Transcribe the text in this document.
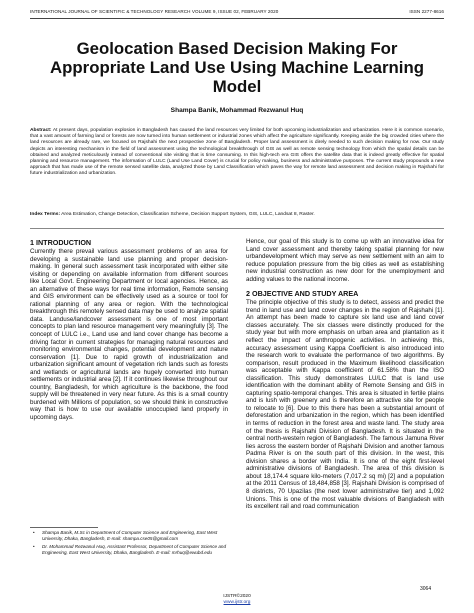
INTERNATIONAL JOURNAL OF SCIENTIFIC & TECHNOLOGY RESEARCH VOLUME 9, ISSUE 02, FEBRUARY 2020	ISSN 2277-8616
Geolocation Based Decision Making For Appropriate Land Use Using Machine Learning Model
Shampa Banik, Mohammad Rezwanul Huq
Abstract: At present days, population explosion in Bangladesh has caused the land resources very limited for both upcoming industrialization and urbanization. Here it is common scenario, that a vast amount of farming land or forests are now turned into human settlement or industrial zones which affect the agriculture significantly. Keeping aside the big crowded cities where the land resources are already rare, we focused on Rajshahi the next prospective zone of Bangladesh. Proper land assessment is direly needed to such decision making for now. Our study depicts an interesting mechanism in the field of land assessment using the technological breakthrough of GIS as well as remote sensing technology from which the spatial details can be obtained and analyzed meticulously instead of conventional site visiting that is time consuming. In this high-tech era GIS offers the satellite data that is indeed greatly effective for spatial planning and resource management. The information of LULC (Land Use Land Cover) is crucial for policy making, business and administrative purposes. The current study propounds a new approach that has made use of the remote sensed satellite data, analyzed those by Land Classification which paves the way for remote land assessment and decision making in Rajshahi for future industrialization and urbanization.
Index Terms: Area Estimation, Change Detection, Classification Scheme, Decision Support System, GIS, LULC, Landsat 8, Raster.
1 INTRODUCTION

Currently there prevail various assessment problems of an area for developing a sustainable land use planning and proper decision-making. In general such assessment task incorporated with either site visiting or depending on available information from different sources like Local Govt. Engineering Department or local agencies. Hence, as an alternative of these ways for real time information, Remote sensing and GIS environment can be effectively used as a source or tool for rational planning of any area or region. With the technological breakthrough this remotely sensed data may be used to analyze spatial data. Landuse/landcover assessment is one of most important concepts to plan land resource management very meaningfully [3]. The concept of LULC i.e., Land use and land cover change has become a driving factor in current strategies for managing natural resources and monitoring environmental changes, potential development and nature conservation [1]. Due to rapid growth of industrialization and urbanization significant amount of vegetation rich lands such as forests and wetlands or agricultural lands are hugely converted into human settlements or industrial area [2]. If it continues likewise throughout our country, Bangladesh, for which agriculture is the backbone, the food supply will be threatened in very near future. As this is a small country burdened with Millions of population, so we should think in constructive way that is how to use our available unoccupied land properly in upcoming days.

• Shampa Banik, M.Sc in Department of Computer Science and Engineering, East West University, Dhaka, Bangladesh, E-mail: shampa.cse05@gmail.com
• Dr. Mohammad Rezwanul Huq, Assistant Professor, Department of Computer Science and Engineering, East West University, Dhaka, Bangladesh. E-mail: mrhuq@ewubd.edu

Hence, our goal of this study is to come up with an innovative idea for Land cover assessment and thereby taking spatial planning for new urbandevelopment which may serve as new settlement with an aim to reduce population pressure from the big cities as well as establishing new industrial construction as new door for the unemployment and adding values to the national income.

2 OBJECTIVE AND STUDY AREA

The principle objective of this study is to detect, assess and predict the trend in land use and land cover changes in the region of Rajshahi [1]. An attempt has been made to capture six land use and land cover classes accurately. The six classes were distinctly produced for the study year but with more emphasis on urban area and plantation as it reflect the impact of anthropogenic activities. In achieving this, accuracy assessment using Kappa Coefficient is also introduced into the research work to evaluate the performance of two algorithms. By comparison, result produced in the Maximum likelihood classification was acceptable with Kappa coefficient of 61.58% than the ISO classification. This study demonstrates LU/LC that is land use identification with the dominant ability of Remote Sensing and GIS in capturing spatio-temporal changes. This area is situated in fertile plains and is lush with greenery and is therefore an attractive site for people to relocate to [6]. Due to this there has been a substantial amount of deforestation and urbanization in the region, which has been identified in terms of reduction in the forest area and waste land. The study area of the thesis is Rajshahi Division of Bangladesh. It is situated in the central north-western region of Bangladesh. The famous Jamuna River lies across the eastern border of Rajshahi Division and another famous Padma River is on the south part of this division. In the west, this division shares a border with India. It is one of the eight first-level administrative divisions of Bangladesh. The area of this division is about 18,174.4 square kilo-meters (7,017.2 sq mi) [2] and a population at the 2011 Census of 18,484,858 [3]. Rajshahi Division is comprised of 8 districts, 70 Upazilas (the next lower administrative tier) and 1,092 Unions. This is one of the most valuable divisions of Bangladesh with its excellent rail and road communication

3064
IJSTR©2020
www.ijstr.org
